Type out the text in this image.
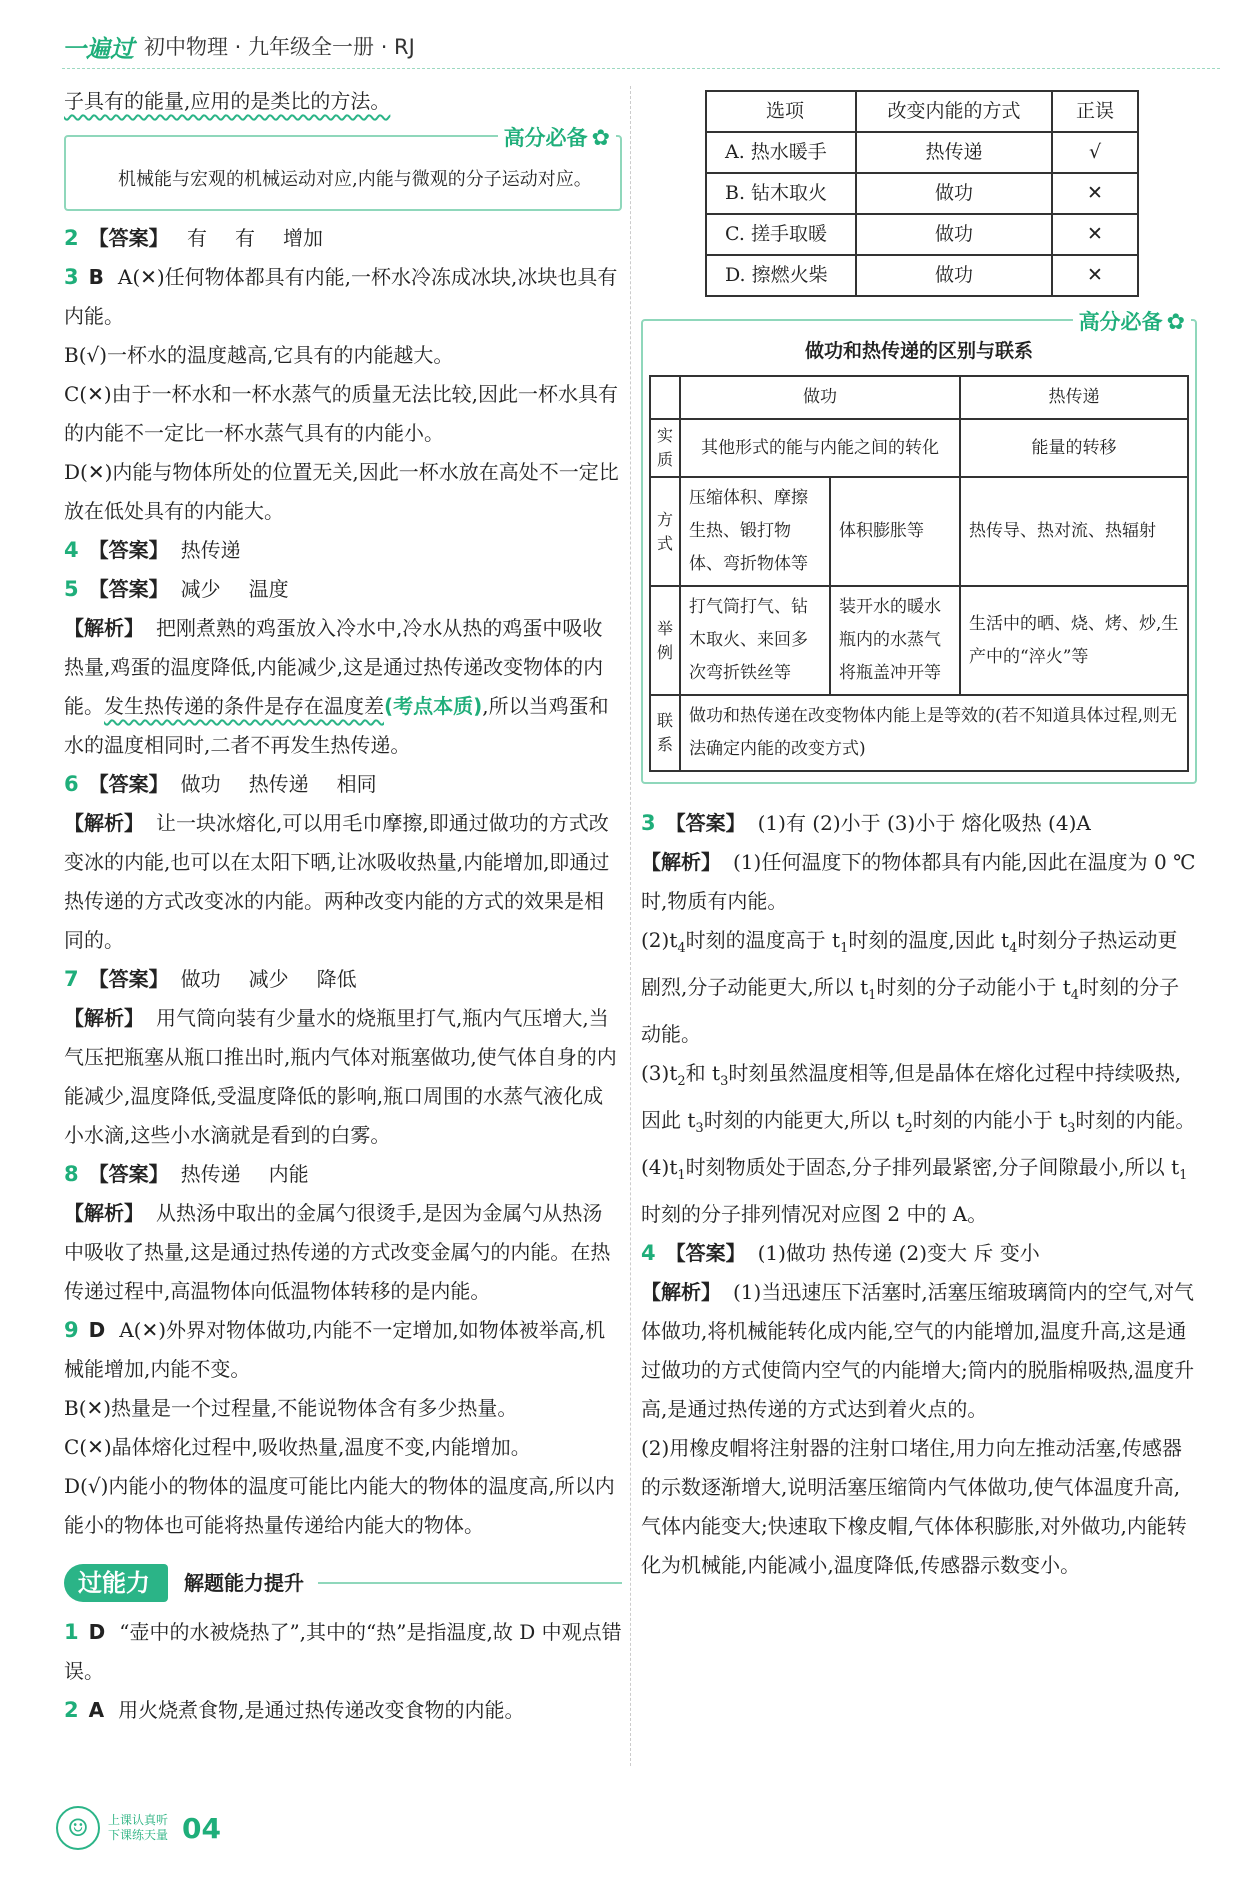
一遍过 初中物理 · 九年级全一册 · RJ

子具有的能量,应用的是类比的方法。

高分必备 ✿

机械能与宏观的机械运动对应,内能与微观的分子运动对应。

2 【答案】 有 有 增加

3 B A(✕)任何物体都具有内能,一杯水冷冻成冰块,冰块也具有内能。

B(√)一杯水的温度越高,它具有的内能越大。

C(✕)由于一杯水和一杯水蒸气的质量无法比较,因此一杯水具有的内能不一定比一杯水蒸气具有的内能小。

D(✕)内能与物体所处的位置无关,因此一杯水放在高处不一定比放在低处具有的内能大。

4 【答案】 热传递

5 【答案】 减少 温度

【解析】 把刚煮熟的鸡蛋放入冷水中,冷水从热的鸡蛋中吸收热量,鸡蛋的温度降低,内能减少,这是通过热传递改变物体的内能。发生热传递的条件是存在温度差(考点本质),所以当鸡蛋和水的温度相同时,二者不再发生热传递。

6 【答案】 做功 热传递 相同

【解析】 让一块冰熔化,可以用毛巾摩擦,即通过做功的方式改变冰的内能,也可以在太阳下晒,让冰吸收热量,内能增加,即通过热传递的方式改变冰的内能。两种改变内能的方式的效果是相同的。

7 【答案】 做功 减少 降低

【解析】 用气筒向装有少量水的烧瓶里打气,瓶内气压增大,当气压把瓶塞从瓶口推出时,瓶内气体对瓶塞做功,使气体自身的内能减少,温度降低,受温度降低的影响,瓶口周围的水蒸气液化成小水滴,这些小水滴就是看到的白雾。

8 【答案】 热传递 内能

【解析】 从热汤中取出的金属勺很烫手,是因为金属勺从热汤中吸收了热量,这是通过热传递的方式改变金属勺的内能。在热传递过程中,高温物体向低温物体转移的是内能。

9 D A(✕)外界对物体做功,内能不一定增加,如物体被举高,机械能增加,内能不变。

B(✕)热量是一个过程量,不能说物体含有多少热量。

C(✕)晶体熔化过程中,吸收热量,温度不变,内能增加。

D(√)内能小的物体的温度可能比内能大的物体的温度高,所以内能小的物体也可能将热量传递给内能大的物体。

过能力	解题能力提升

1 D “壶中的水被烧热了”,其中的“热”是指温度,故 D 中观点错误。

2 A 用火烧煮食物,是通过热传递改变食物的内能。

选项	改变内能的方式	正误
A. 热水暖手	热传递	√
B. 钻木取火	做功	✕
C. 搓手取暖	做功	✕
D. 擦燃火柴	做功	✕
高分必备 ✿
做功和热传递的区别与联系
	做功		热传递
实质	其他形式的能与内能之间的转化		能量的转移
方式	压缩体积、摩擦生热、锻打物体、弯折物体等	体积膨胀等	热传导、热对流、热辐射
举例	打气筒打气、钻木取火、来回多次弯折铁丝等	装开水的暖水瓶内的水蒸气将瓶盖冲开等	生活中的晒、烧、烤、炒,生产中的“淬火”等
联系	做功和热传递在改变物体内能上是等效的(若不知道具体过程,则无法确定内能的改变方式)		

3 【答案】 (1)有 (2)小于 (3)小于 熔化吸热 (4)A

【解析】 (1)任何温度下的物体都具有内能,因此在温度为 0 ℃时,物质有内能。

$(2)t_4$时刻的温度高于 $t_1$时刻的温度,因此 $t_4$时刻分子热运动更剧烈,分子动能更大,所以 $t_1$时刻的分子动能小于 $t_4$时刻的分子动能。

$(3)t_2$和 $t_3$时刻虽然温度相等,但是晶体在熔化过程中持续吸热,因此 $t_3$时刻的内能更大,所以 $t_2$时刻的内能小于 $t_3$时刻的内能。

$(4)t_1$时刻物质处于固态,分子排列最紧密,分子间隙最小,所以 $t_1$时刻的分子排列情况对应图 2 中的 A。

4 【答案】 (1)做功 热传递 (2)变大 斥 变小

【解析】 (1)当迅速压下活塞时,活塞压缩玻璃筒内的空气,对气体做功,将机械能转化成内能,空气的内能增加,温度升高,这是通过做功的方式使筒内空气的内能增大;筒内的脱脂棉吸热,温度升高,是通过热传递的方式达到着火点的。

(2)用橡皮帽将注射器的注射口堵住,用力向左推动活塞,传感器的示数逐渐增大,说明活塞压缩筒内气体做功,使气体温度升高,气体内能变大;快速取下橡皮帽,气体体积膨胀,对外做功,内能转化为机械能,内能减小,温度降低,传感器示数变小。

☺	上课认真听
下课练天量 04
